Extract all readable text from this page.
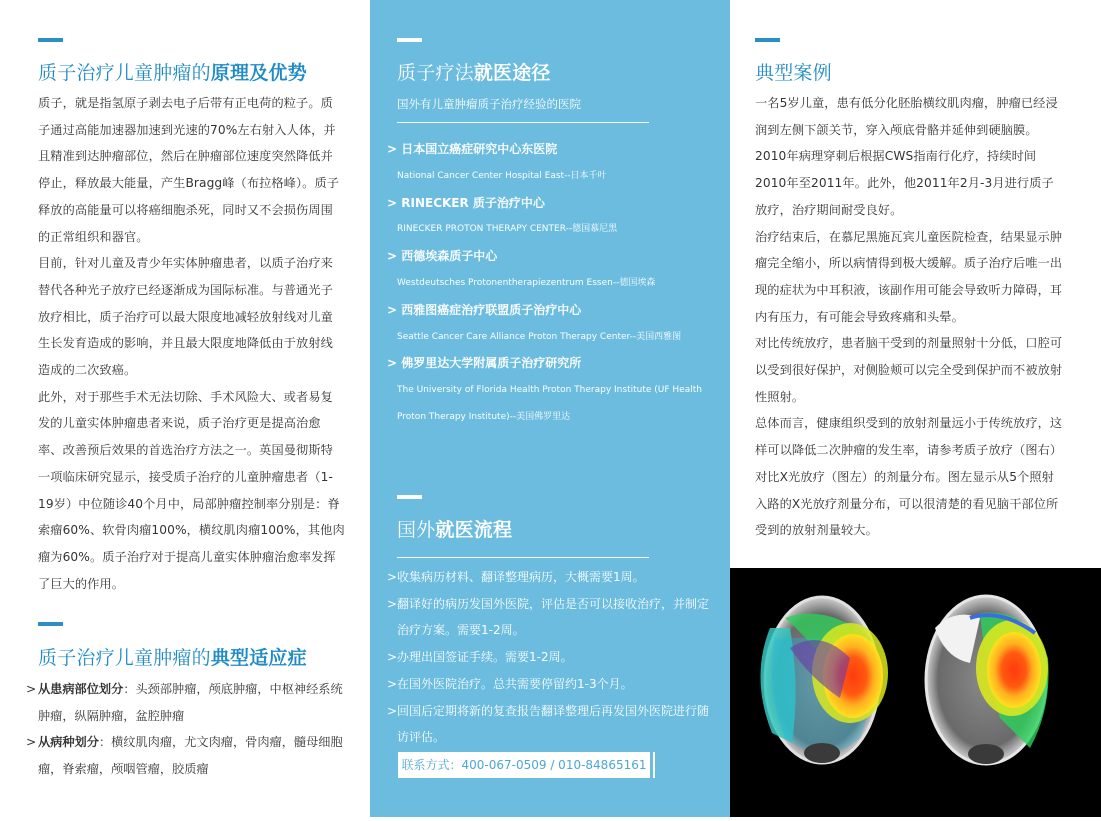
质子治疗儿童肿瘤的原理及优势

质子，就是指氢原子剥去电子后带有正电荷的粒子。质子通过高能加速器加速到光速的70%左右射入人体，并且精准到达肿瘤部位，然后在肿瘤部位速度突然降低并停止，释放最大能量，产生Bragg峰（布拉格峰）。质子释放的高能量可以将癌细胞杀死，同时又不会损伤周围的正常组织和器官。

目前，针对儿童及青少年实体肿瘤患者，以质子治疗来替代各种光子放疗已经逐渐成为国际标准。与普通光子放疗相比，质子治疗可以最大限度地减轻放射线对儿童生长发育造成的影响，并且最大限度地降低由于放射线造成的二次致癌。

此外，对于那些手术无法切除、手术风险大、或者易复发的儿童实体肿瘤患者来说，质子治疗更是提高治愈率、改善预后效果的首选治疗方法之一。英国曼彻斯特一项临床研究显示，接受质子治疗的儿童肿瘤患者（1-19岁）中位随诊40个月中，局部肿瘤控制率分别是：脊索瘤60%、软骨肉瘤100%，横纹肌肉瘤100%，其他肉瘤为60%。质子治疗对于提高儿童实体肿瘤治愈率发挥了巨大的作用。

质子治疗儿童肿瘤的典型适应症
> 从患病部位划分：头颈部肿瘤，颅底肿瘤，中枢神经系统肿瘤，纵隔肿瘤，盆腔肿瘤
> 从病种划分：横纹肌肉瘤，尤文肉瘤，骨肉瘤，髓母细胞瘤，脊索瘤，颅咽管瘤，胶质瘤
质子疗法就医途径
国外有儿童肿瘤质子治疗经验的医院
> 日本国立癌症研究中心东医院
National Cancer Center Hospital East--日本千叶
> RINECKER 质子治疗中心
RINECKER PROTON THERAPY CENTER--德国慕尼黑
> 西德埃森质子中心
Westdeutsches Protonentherapiezentrum Essen--德国埃森
> 西雅图癌症治疗联盟质子治疗中心
Seattle Cancer Care Alliance Proton Therapy Center--美国西雅图
> 佛罗里达大学附属质子治疗研究所
The University of Florida Health Proton Therapy Institute (UF Health Proton Therapy Institute)--美国佛罗里达
国外就医流程
> 收集病历材料、翻译整理病历，大概需要1周。
> 翻译好的病历发国外医院，评估是否可以接收治疗，并制定治疗方案。需要1-2周。
> 办理出国签证手续。需要1-2周。
> 在国外医院治疗。总共需要停留约1-3个月。
> 回国后定期将新的复查报告翻译整理后再发国外医院进行随访评估。
联系方式：400-067-0509 / 010-84865161
典型案例

一名5岁儿童，患有低分化胚胎横纹肌肉瘤，肿瘤已经浸润到左侧下颌关节，穿入颅底骨骼并延伸到硬脑膜。

2010年病理穿刺后根据CWS指南行化疗，持续时间2010年至2011年。此外，他2011年2月-3月进行质子放疗，治疗期间耐受良好。

治疗结束后，在慕尼黑施瓦宾儿童医院检查，结果显示肿瘤完全缩小，所以病情得到极大缓解。质子治疗后唯一出现的症状为中耳积液，该副作用可能会导致听力障碍，耳内有压力，有可能会导致疼痛和头晕。

对比传统放疗，患者脑干受到的剂量照射十分低，口腔可以受到很好保护，对侧脸颊可以完全受到保护而不被放射性照射。

总体而言，健康组织受到的放射剂量远小于传统放疗，这样可以降低二次肿瘤的发生率，请参考质子放疗（图右）对比X光放疗（图左）的剂量分布。图左显示从5个照射入路的X光放疗剂量分布，可以很清楚的看见脑干部位所受到的放射剂量较大。
